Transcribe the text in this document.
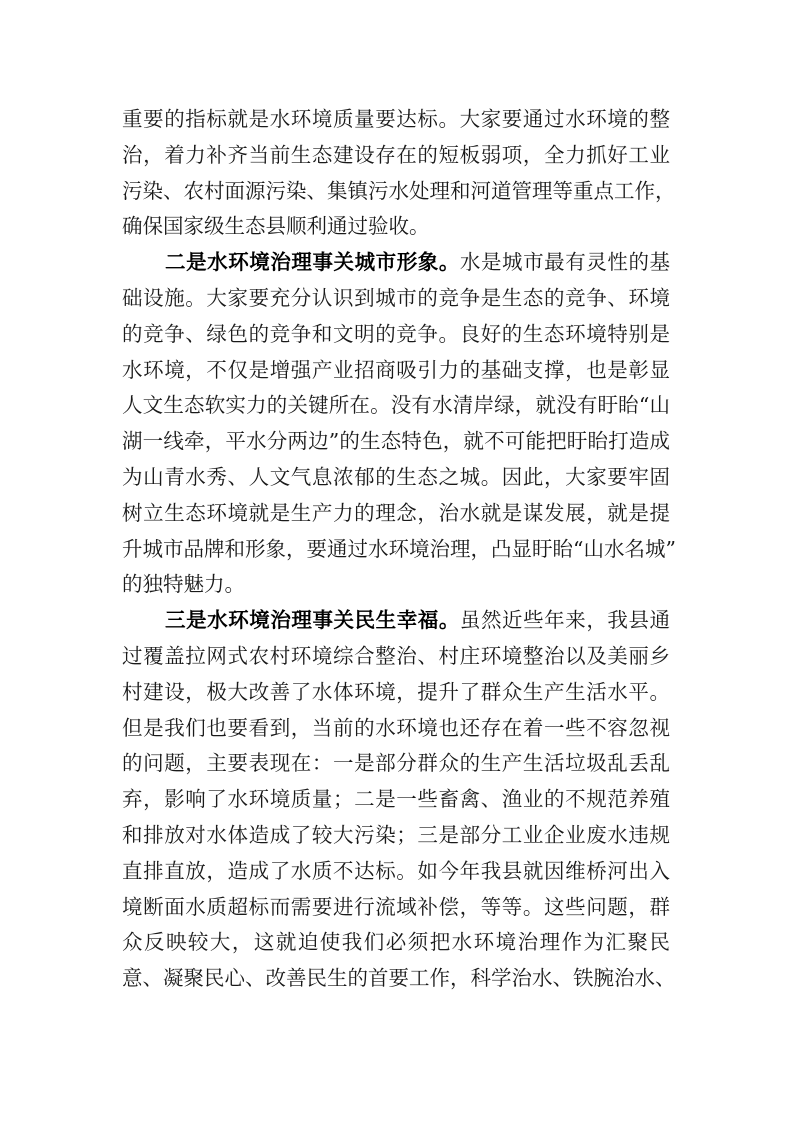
重要的指标就是水环境质量要达标。大家要通过水环境的整
治，着力补齐当前生态建设存在的短板弱项，全力抓好工业
污染、农村面源污染、集镇污水处理和河道管理等重点工作，
确保国家级生态县顺利通过验收。
二是水环境治理事关城市形象。水是城市最有灵性的基
础设施。大家要充分认识到城市的竞争是生态的竞争、环境
的竞争、绿色的竞争和文明的竞争。良好的生态环境特别是
水环境，不仅是增强产业招商吸引力的基础支撑，也是彰显
人文生态软实力的关键所在。没有水清岸绿，就没有盱眙“山
湖一线牵，平水分两边”的生态特色，就不可能把盱眙打造成
为山青水秀、人文气息浓郁的生态之城。因此，大家要牢固
树立生态环境就是生产力的理念，治水就是谋发展，就是提
升城市品牌和形象，要通过水环境治理，凸显盱眙“山水名城”
的独特魅力。
三是水环境治理事关民生幸福。虽然近些年来，我县通
过覆盖拉网式农村环境综合整治、村庄环境整治以及美丽乡
村建设，极大改善了水体环境，提升了群众生产生活水平。
但是我们也要看到，当前的水环境也还存在着一些不容忽视
的问题，主要表现在：一是部分群众的生产生活垃圾乱丢乱
弃，影响了水环境质量；二是一些畜禽、渔业的不规范养殖
和排放对水体造成了较大污染；三是部分工业企业废水违规
直排直放，造成了水质不达标。如今年我县就因维桥河出入
境断面水质超标而需要进行流域补偿，等等。这些问题，群
众反映较大，这就迫使我们必须把水环境治理作为汇聚民
意、凝聚民心、改善民生的首要工作，科学治水、铁腕治水、
